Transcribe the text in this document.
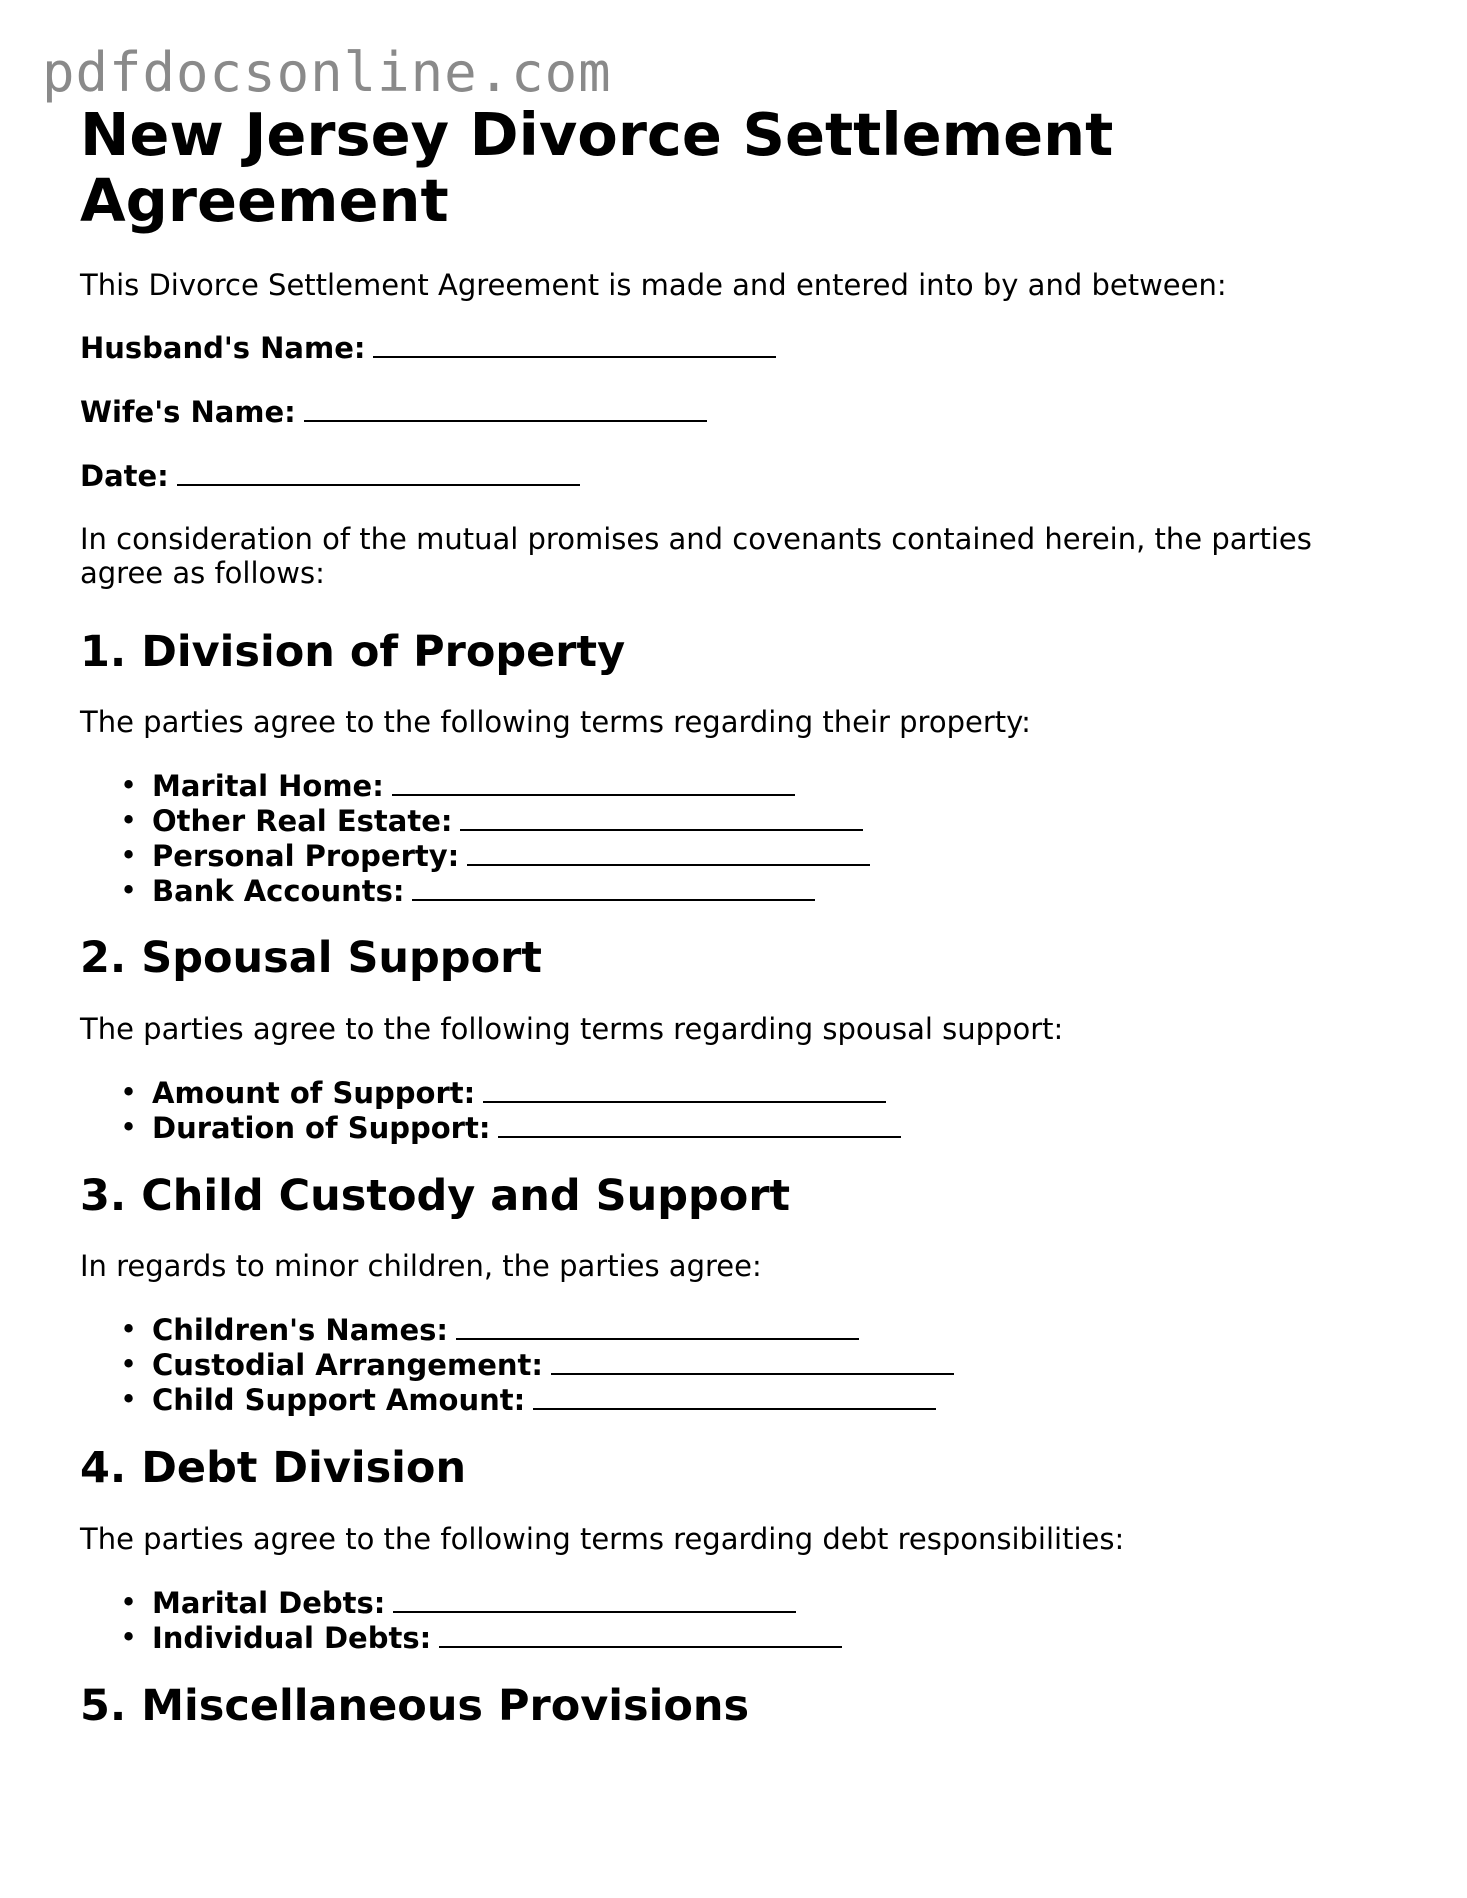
pdfdocsonline.com
New Jersey Divorce Settlement Agreement

This Divorce Settlement Agreement is made and entered into by and between:

Husband's Name:
Wife's Name:
Date:

In consideration of the mutual promises and covenants contained herein, the parties agree as follows:

1. Division of Property

The parties agree to the following terms regarding their property:

• Marital Home:
• Other Real Estate:
• Personal Property:
• Bank Accounts:
2. Spousal Support

The parties agree to the following terms regarding spousal support:

• Amount of Support:
• Duration of Support:
3. Child Custody and Support

In regards to minor children, the parties agree:

• Children's Names:
• Custodial Arrangement:
• Child Support Amount:
4. Debt Division

The parties agree to the following terms regarding debt responsibilities:

• Marital Debts:
• Individual Debts:
5. Miscellaneous Provisions
